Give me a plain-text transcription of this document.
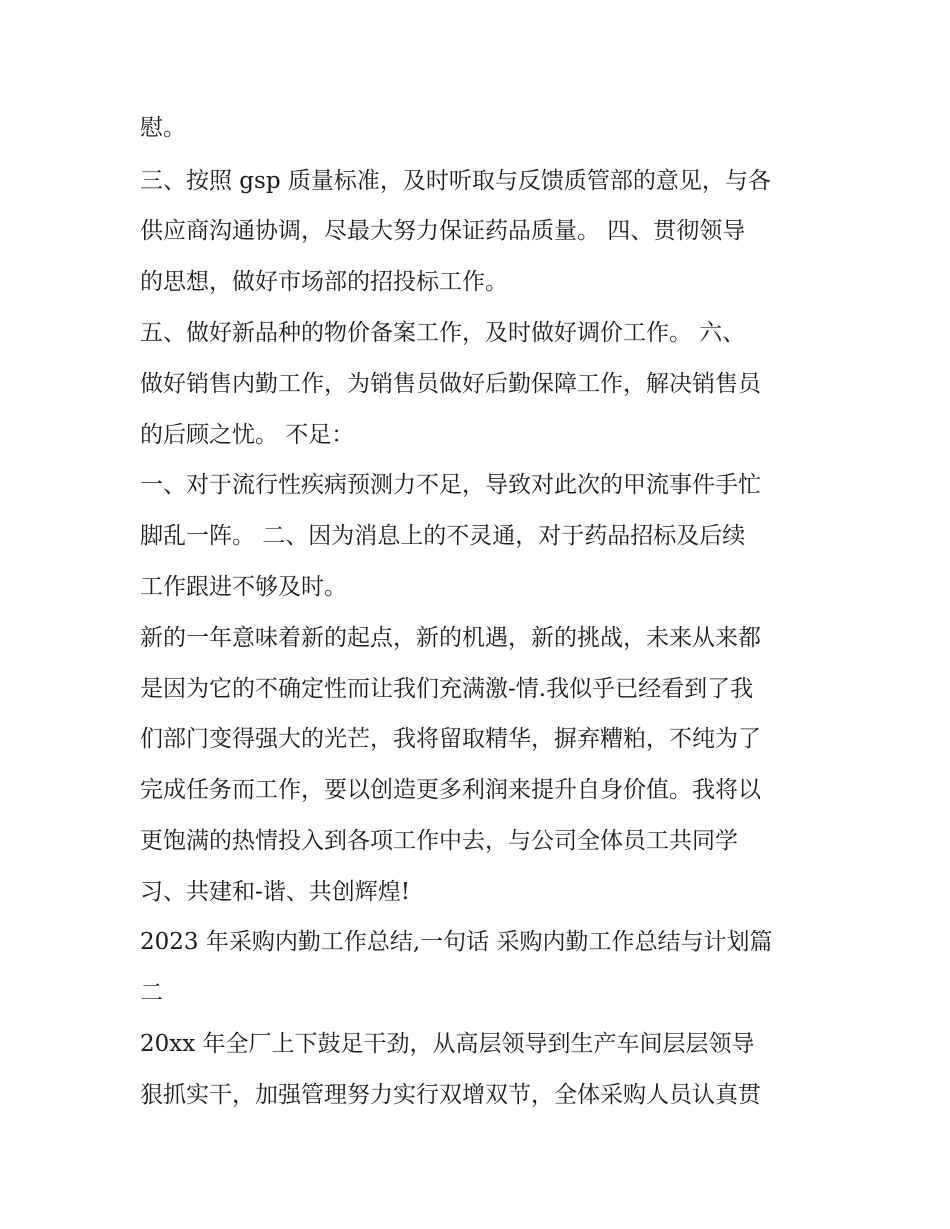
慰。
三、按照 gsp 质量标准，及时听取与反馈质管部的意见，与各
供应商沟通协调，尽最大努力保证药品质量。 四、贯彻领导
的思想，做好市场部的招投标工作。
五、做好新品种的物价备案工作，及时做好调价工作。 六、
做好销售内勤工作，为销售员做好后勤保障工作，解决销售员
的后顾之忧。 不足：
一、对于流行性疾病预测力不足，导致对此次的甲流事件手忙
脚乱一阵。 二、因为消息上的不灵通，对于药品招标及后续
工作跟进不够及时。
新的一年意味着新的起点，新的机遇，新的挑战，未来从来都
是因为它的不确定性而让我们充满激-情.我似乎已经看到了我
们部门变得强大的光芒，我将留取精华，摒弃糟粕，不纯为了
完成任务而工作，要以创造更多利润来提升自身价值。我将以
更饱满的热情投入到各项工作中去，与公司全体员工共同学
习、共建和-谐、共创辉煌!
2023 年采购内勤工作总结,一句话 采购内勤工作总结与计划篇
二
20xx 年全厂上下鼓足干劲，从高层领导到生产车间层层领导
狠抓实干，加强管理努力实行双增双节，全体采购人员认真贯
